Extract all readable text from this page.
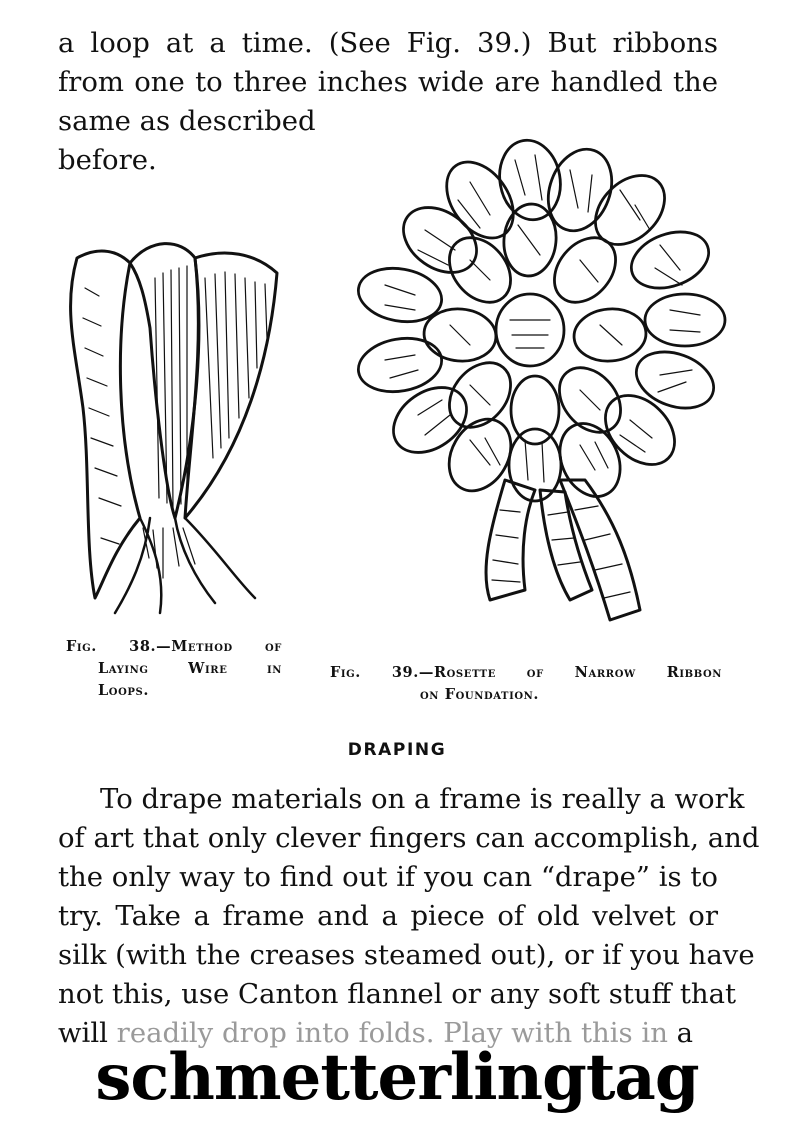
a loop at a time. (See Fig. 39.) But ribbons
from one to three inches wide are handled the
same as described
before.

Fig. 38.—Method of
Laying Wire in
Loops.

Fig. 39.—Rosette of Narrow Ribbon
on Foundation.

DRAPING
To drape materials on a frame is really a work
of art that only clever fingers can accomplish, and
the only way to find out if you can “drape” is to
try. Take a frame and a piece of old velvet or
silk (with the creases steamed out), or if you have
not this, use Canton flannel or any soft stuff that
will readily drop into folds. Play with this in a

schmetterlingtag
